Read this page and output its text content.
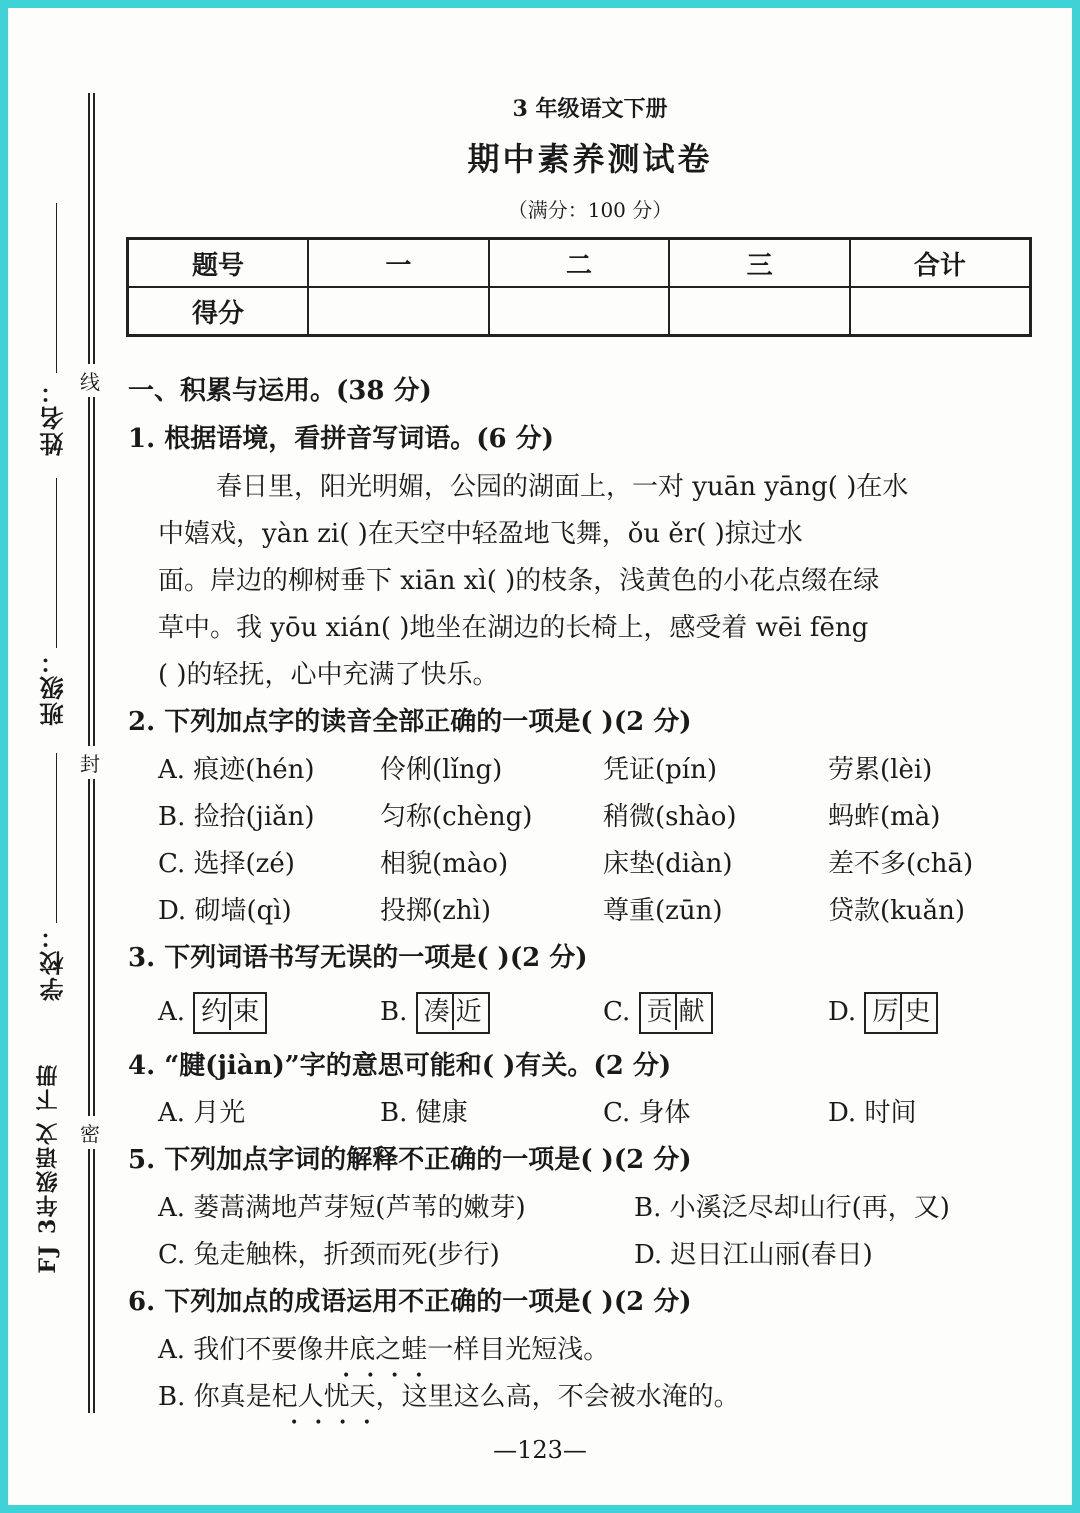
姓名：
班级：
学校：
FJ 3年级语文 下册
线
封
密
3 年级语文下册
期中素养测试卷
（满分：100 分）
题号	一	二	三	合计
得分				
一、积累与运用。(38 分)
1. 根据语境，看拼音写词语。(6 分)
春日里，阳光明媚，公园的湖面上，一对 yuān yāng( )在水
中嬉戏，yàn zi( )在天空中轻盈地飞舞，ǒu ěr( )掠过水
面。岸边的柳树垂下 xiān xì( )的枝条，浅黄色的小花点缀在绿
草中。我 yōu xián( )地坐在湖边的长椅上，感受着 wēi fēng
( )的轻抚，心中充满了快乐。
2. 下列加点字的读音全部正确的一项是( )(2 分)
A. 痕迹(hén)	伶俐(lǐng)	凭证(pín)	劳累(lèi)
B. 捡拾(jiǎn)	匀称(chèng)	稍微(shào)	蚂蚱(mà)
C. 选择(zé)	相貌(mào)	床垫(diàn)	差不多(chā)
D. 砌墙(qì)	投掷(zhì)	尊重(zūn)	贷款(kuǎn)
3. 下列词语书写无误的一项是( )(2 分)
A. 约 束	B. 凑 近	C. 贡 献	D. 厉 史
4. “腱(jiàn)”字的意思可能和( )有关。(2 分)
A. 月光	B. 健康	C. 身体	D. 时间
5. 下列加点字词的解释不正确的一项是( )(2 分)
A. 蒌蒿满地芦芽短(芦苇的嫩芽)	B. 小溪泛尽却山行(再，又)
C. 兔走触株，折颈而死(步行)	D. 迟日江山丽(春日)
6. 下列加点的成语运用不正确的一项是( )(2 分)
A. 我们不要像井底之蛙一样目光短浅。
B. 你真是杞人忧天，这里这么高，不会被水淹的。
••••
••••
—123—
